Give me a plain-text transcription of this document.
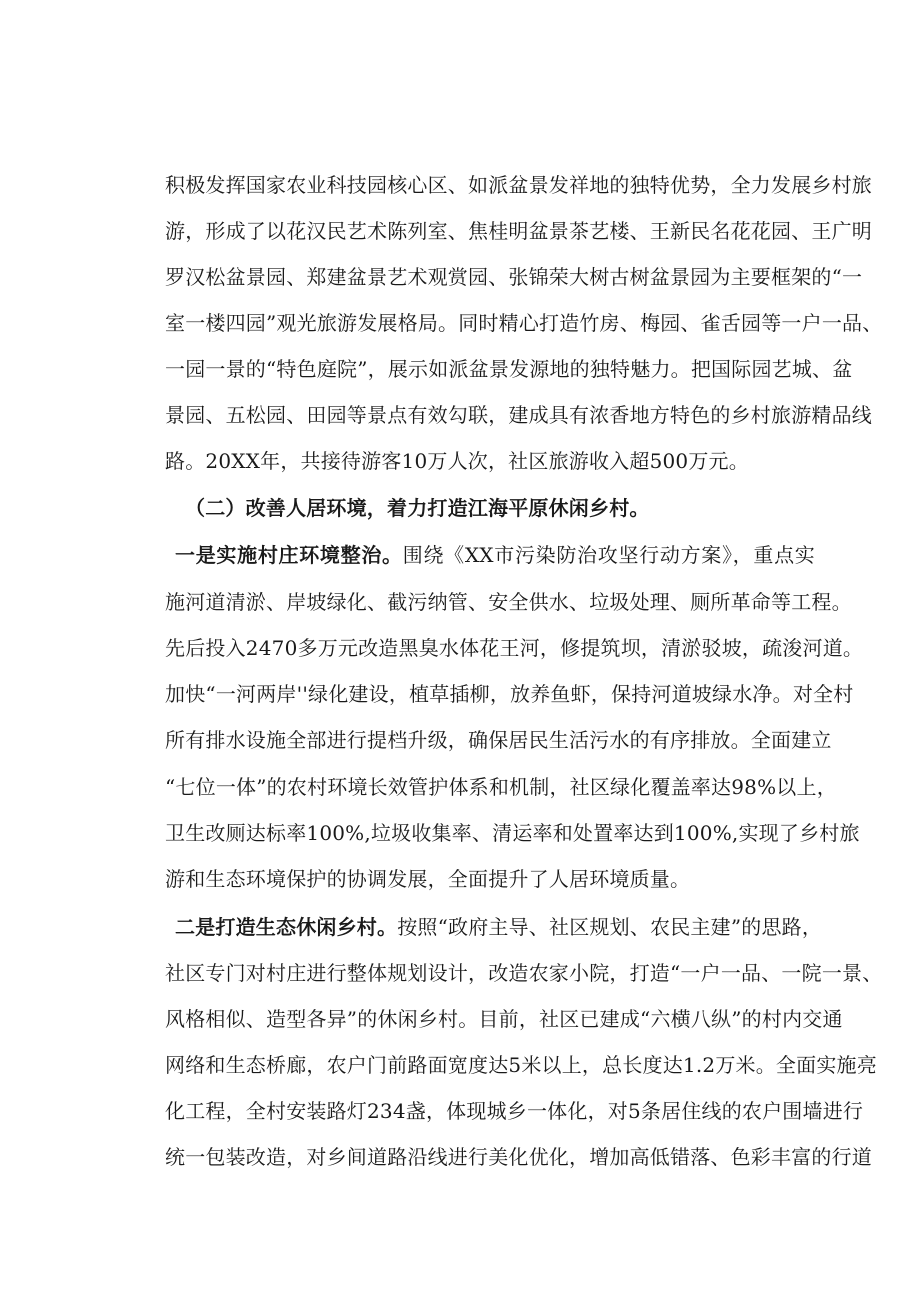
积极发挥国家农业科技园核心区、如派盆景发祥地的独特优势，全力发展乡村旅
游，形成了以花汉民艺术陈列室、焦桂明盆景茶艺楼、王新民名花花园、王广明
罗汉松盆景园、郑建盆景艺术观赏园、张锦荣大树古树盆景园为主要框架的“一
室一楼四园”观光旅游发展格局。同时精心打造竹房、梅园、雀舌园等一户一品、
一园一景的“特色庭院”，展示如派盆景发源地的独特魅力。把国际园艺城、盆
景园、五松园、田园等景点有效勾联，建成具有浓香地方特色的乡村旅游精品线
路。20XX年，共接待游客10万人次，社区旅游收入超500万元。
（二）改善人居环境，着力打造江海平原休闲乡村。
一是实施村庄环境整治。围绕《XX市污染防治攻坚行动方案》，重点实
施河道清淤、岸坡绿化、截污纳管、安全供水、垃圾处理、厕所革命等工程。
先后投入2470多万元改造黑臭水体花王河，修提筑坝，清淤驳坡，疏浚河道。
加快“一河两岸''绿化建设，植草插柳，放养鱼虾，保持河道坡绿水净。对全村
所有排水设施全部进行提档升级，确保居民生活污水的有序排放。全面建立
“七位一体”的农村环境长效管护体系和机制，社区绿化覆盖率达98%以上，
卫生改厕达标率100%,垃圾收集率、清运率和处置率达到100%,实现了乡村旅
游和生态环境保护的协调发展，全面提升了人居环境质量。
二是打造生态休闲乡村。按照“政府主导、社区规划、农民主建”的思路，
社区专门对村庄进行整体规划设计，改造农家小院，打造“一户一品、一院一景、
风格相似、造型各异”的休闲乡村。目前，社区已建成“六横八纵”的村内交通
网络和生态桥廊，农户门前路面宽度达5米以上，总长度达1.2万米。全面实施亮
化工程，全村安装路灯234盏，体现城乡一体化，对5条居住线的农户围墙进行
统一包装改造，对乡间道路沿线进行美化优化，增加高低错落、色彩丰富的行道
